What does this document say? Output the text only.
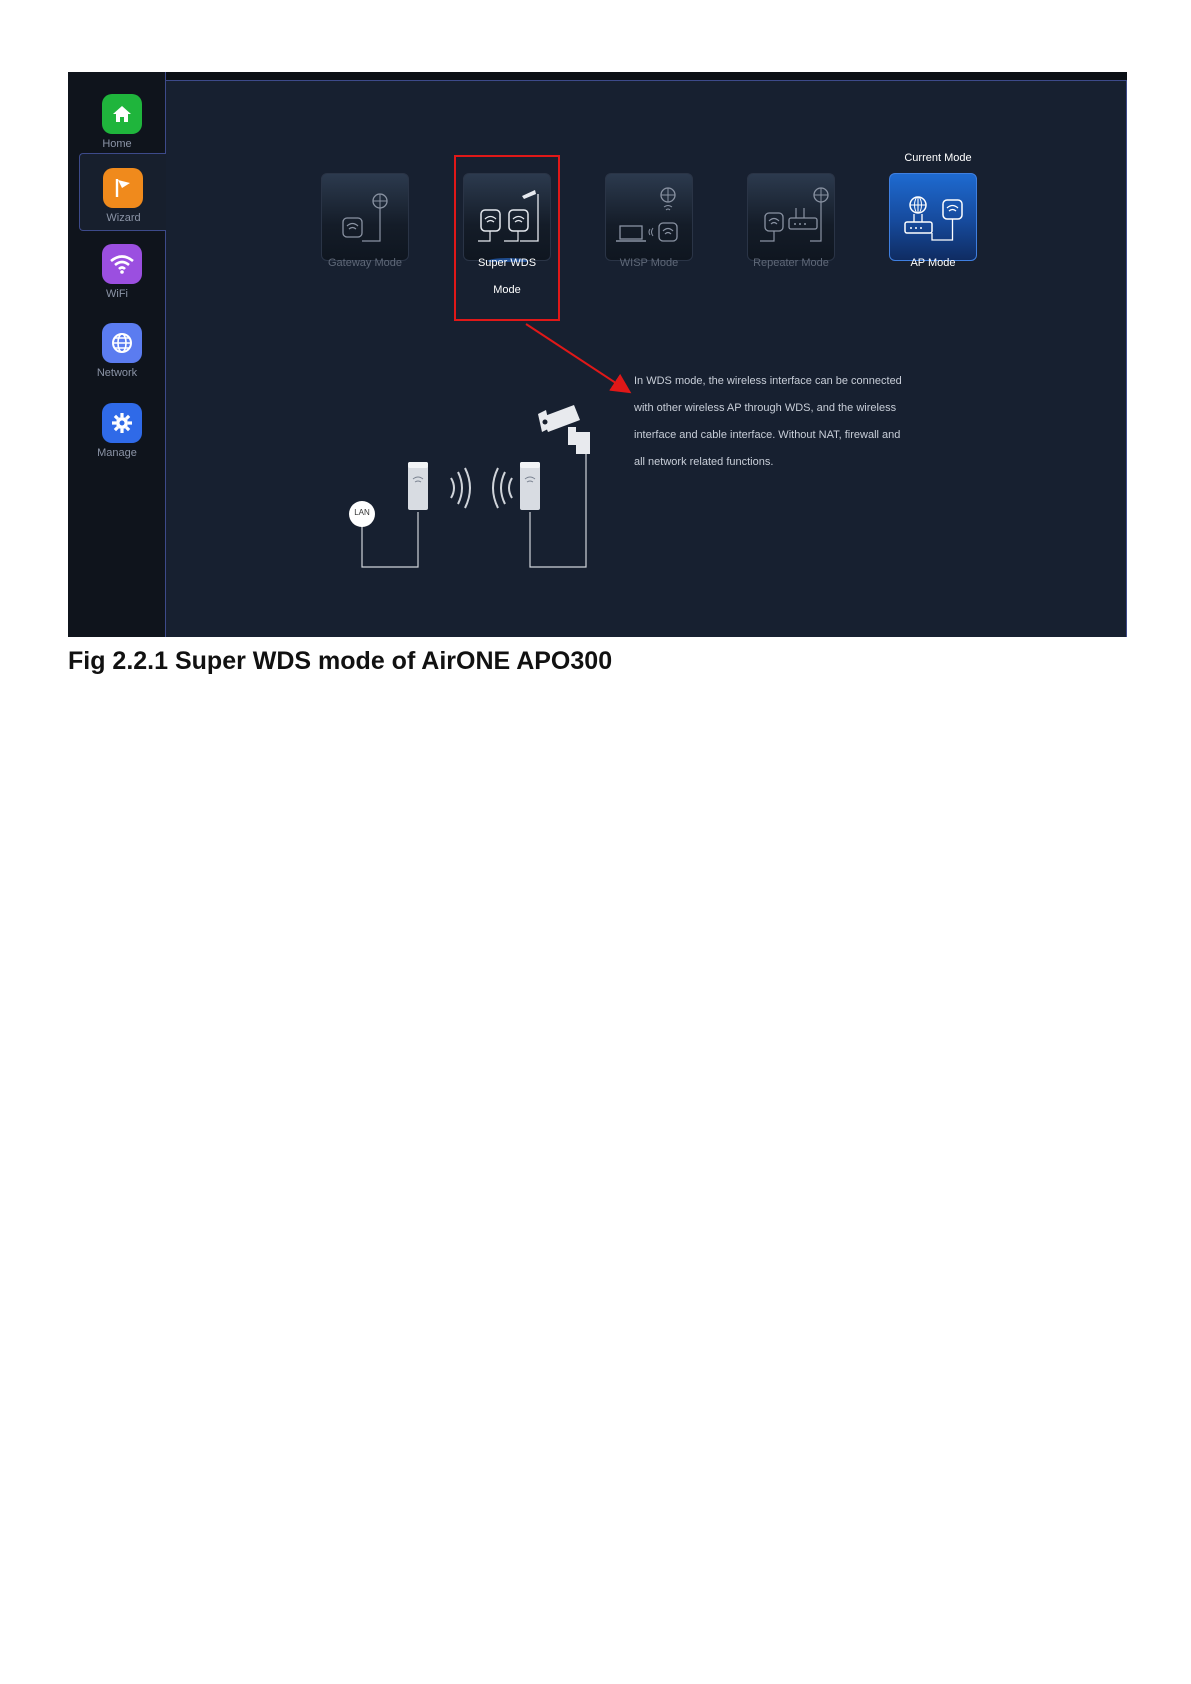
Home
Wizard
WiFi
Network
Manage
Current Mode
Gateway Mode	Super WDS
Mode
WISP Mode	Repeater Mode	AP Mode
In WDS mode, the wireless interface can be connected
with other wireless AP through WDS, and the wireless
interface and cable interface. Without NAT, firewall and
all network related functions.
LAN
Fig 2.2.1 Super WDS mode of AirONE APO300
